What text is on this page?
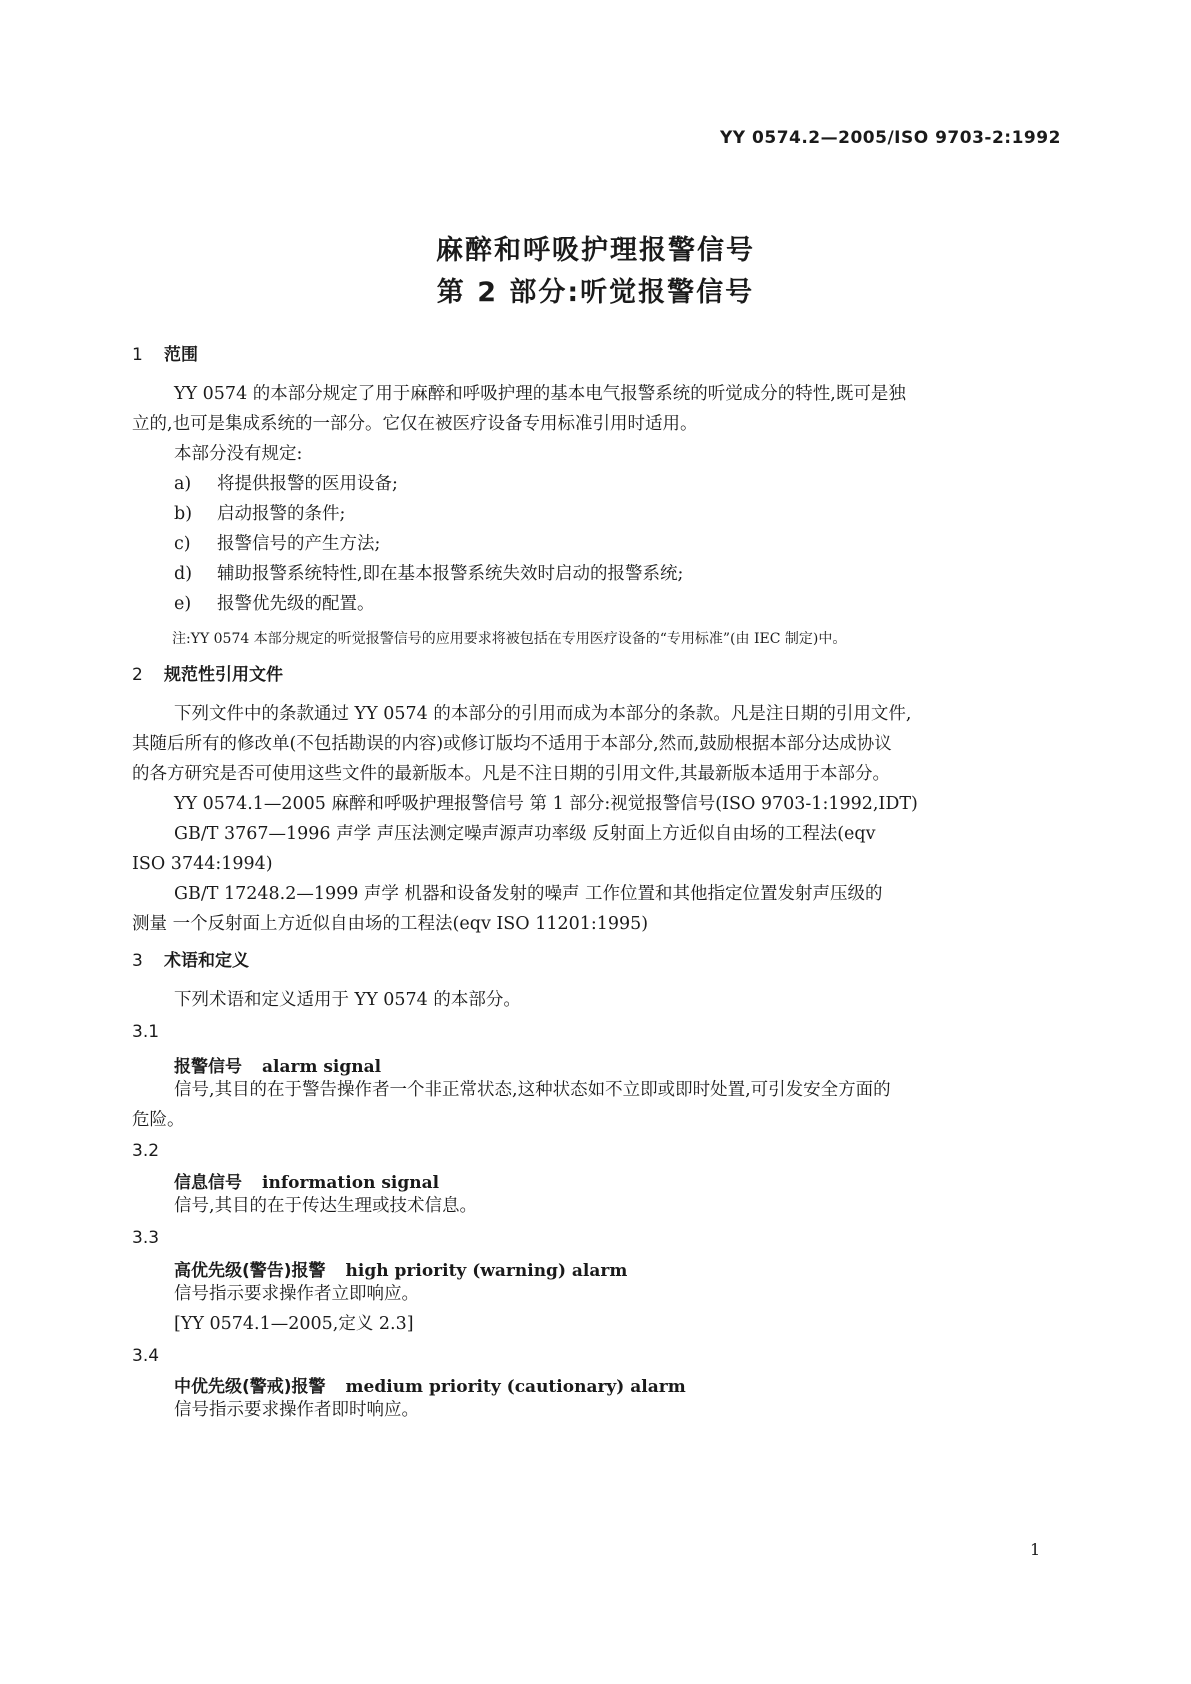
YY 0574.2—2005/ISO 9703-2:1992
麻醉和呼吸护理报警信号
第 2 部分:听觉报警信号
1 范围
YY 0574 的本部分规定了用于麻醉和呼吸护理的基本电气报警系统的听觉成分的特性,既可是独
立的,也可是集成系统的一部分。它仅在被医疗设备专用标准引用时适用。
本部分没有规定:
a) 将提供报警的医用设备;
b) 启动报警的条件;
c) 报警信号的产生方法;
d) 辅助报警系统特性,即在基本报警系统失效时启动的报警系统;
e) 报警优先级的配置。
注:YY 0574 本部分规定的听觉报警信号的应用要求将被包括在专用医疗设备的“专用标准”(由 IEC 制定)中。
2 规范性引用文件
下列文件中的条款通过 YY 0574 的本部分的引用而成为本部分的条款。凡是注日期的引用文件,
其随后所有的修改单(不包括勘误的内容)或修订版均不适用于本部分,然而,鼓励根据本部分达成协议
的各方研究是否可使用这些文件的最新版本。凡是不注日期的引用文件,其最新版本适用于本部分。
YY 0574.1—2005 麻醉和呼吸护理报警信号 第 1 部分:视觉报警信号(ISO 9703-1:1992,IDT)
GB/T 3767—1996 声学 声压法测定噪声源声功率级 反射面上方近似自由场的工程法(eqv
ISO 3744:1994)
GB/T 17248.2—1999 声学 机器和设备发射的噪声 工作位置和其他指定位置发射声压级的
测量 一个反射面上方近似自由场的工程法(eqv ISO 11201:1995)
3 术语和定义
下列术语和定义适用于 YY 0574 的本部分。
3.1
报警信号 alarm signal
信号,其目的在于警告操作者一个非正常状态,这种状态如不立即或即时处置,可引发安全方面的
危险。
3.2
信息信号 information signal
信号,其目的在于传达生理或技术信息。
3.3
高优先级(警告)报警 high priority (warning) alarm
信号指示要求操作者立即响应。
[YY 0574.1—2005,定义 2.3]
3.4
中优先级(警戒)报警 medium priority (cautionary) alarm
信号指示要求操作者即时响应。
1
